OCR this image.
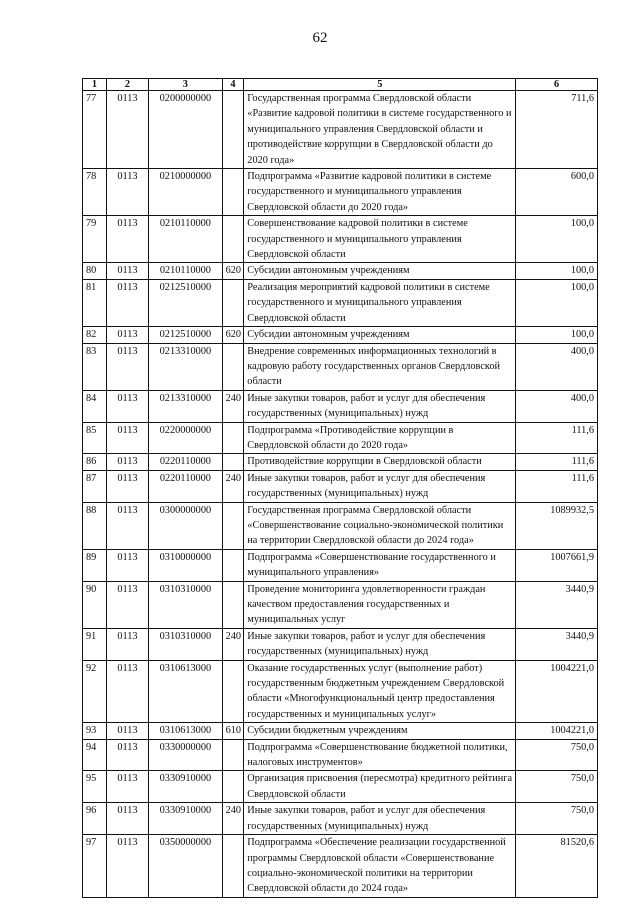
62
1	2	3	4	5	6
77	0113	0200000000		Государственная программа Свердловской области «Развитие кадровой политики в системе государственного и муниципального управления Свердловской области и противодействие коррупции в Свердловской области до 2020 года»	711,6
78	0113	0210000000		Подпрограмма «Развитие кадровой политики в системе государственного и муниципального управления Свердловской области до 2020 года»	600,0
79	0113	0210110000		Совершенствование кадровой политики в системе государственного и муниципального управления Свердловской области	100,0
80	0113	0210110000	620	Субсидии автономным учреждениям	100,0
81	0113	0212510000		Реализация мероприятий кадровой политики в системе государственного и муниципального управления Свердловской области	100,0
82	0113	0212510000	620	Субсидии автономным учреждениям	100,0
83	0113	0213310000		Внедрение современных информационных технологий в кадровую работу государственных органов Свердловской области	400,0
84	0113	0213310000	240	Иные закупки товаров, работ и услуг для обеспечения государственных (муниципальных) нужд	400,0
85	0113	0220000000		Подпрограмма «Противодействие коррупции в Свердловской области до 2020 года»	111,6
86	0113	0220110000		Противодействие коррупции в Свердловской области	111,6
87	0113	0220110000	240	Иные закупки товаров, работ и услуг для обеспечения государственных (муниципальных) нужд	111,6
88	0113	0300000000		Государственная программа Свердловской области «Совершенствование социально-экономической политики на территории Свердловской области до 2024 года»	1089932,5
89	0113	0310000000		Подпрограмма «Совершенствование государственного и муниципального управления»	1007661,9
90	0113	0310310000		Проведение мониторинга удовлетворенности граждан качеством предоставления государственных и муниципальных услуг	3440,9
91	0113	0310310000	240	Иные закупки товаров, работ и услуг для обеспечения государственных (муниципальных) нужд	3440,9
92	0113	0310613000		Оказание государственных услуг (выполнение работ) государственным бюджетным учреждением Свердловской области «Многофункциональный центр предоставления государственных и муниципальных услуг»	1004221,0
93	0113	0310613000	610	Субсидии бюджетным учреждениям	1004221,0
94	0113	0330000000		Подпрограмма «Совершенствование бюджетной политики, налоговых инструментов»	750,0
95	0113	0330910000		Организация присвоения (пересмотра) кредитного рейтинга Свердловской области	750,0
96	0113	0330910000	240	Иные закупки товаров, работ и услуг для обеспечения государственных (муниципальных) нужд	750,0
97	0113	0350000000		Подпрограмма «Обеспечение реализации государственной программы Свердловской области «Совершенствование социально-экономической политики на территории Свердловской области до 2024 года»	81520,6
